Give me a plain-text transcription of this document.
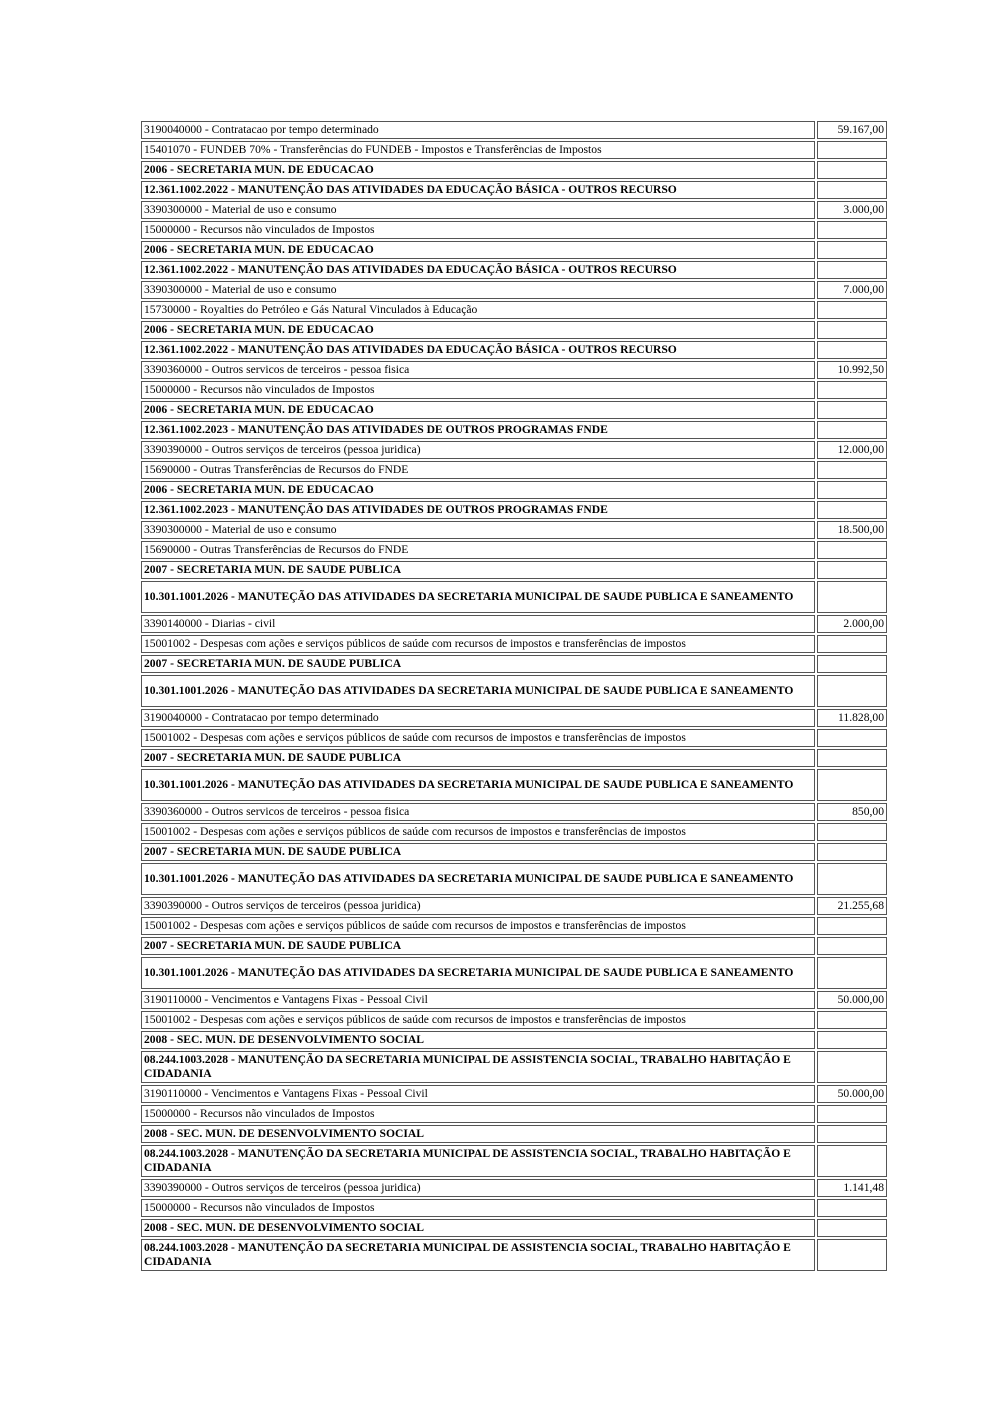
3190040000 - Contratacao por tempo determinado		59.167,00
15401070 - FUNDEB 70% - Transferências do FUNDEB - Impostos e Transferências de Impostos		
2006 - SECRETARIA MUN. DE EDUCACAO		
12.361.1002.2022 - MANUTENÇÃO DAS ATIVIDADES DA EDUCAÇÃO BÁSICA - OUTROS RECURSO		
3390300000 - Material de uso e consumo		3.000,00
15000000 - Recursos não vinculados de Impostos		
2006 - SECRETARIA MUN. DE EDUCACAO		
12.361.1002.2022 - MANUTENÇÃO DAS ATIVIDADES DA EDUCAÇÃO BÁSICA - OUTROS RECURSO		
3390300000 - Material de uso e consumo		7.000,00
15730000 - Royalties do Petróleo e Gás Natural Vinculados à Educação		
2006 - SECRETARIA MUN. DE EDUCACAO		
12.361.1002.2022 - MANUTENÇÃO DAS ATIVIDADES DA EDUCAÇÃO BÁSICA - OUTROS RECURSO		
3390360000 - Outros servicos de terceiros - pessoa fisica		10.992,50
15000000 - Recursos não vinculados de Impostos		
2006 - SECRETARIA MUN. DE EDUCACAO		
12.361.1002.2023 - MANUTENÇÃO DAS ATIVIDADES DE OUTROS PROGRAMAS FNDE		
3390390000 - Outros serviços de terceiros (pessoa juridica)		12.000,00
15690000 - Outras Transferências de Recursos do FNDE		
2006 - SECRETARIA MUN. DE EDUCACAO		
12.361.1002.2023 - MANUTENÇÃO DAS ATIVIDADES DE OUTROS PROGRAMAS FNDE		
3390300000 - Material de uso e consumo		18.500,00
15690000 - Outras Transferências de Recursos do FNDE		
2007 - SECRETARIA MUN. DE SAUDE PUBLICA		
10.301.1001.2026 - MANUTEÇÃO DAS ATIVIDADES DA SECRETARIA MUNICIPAL DE SAUDE PUBLICA E SANEAMENTO		
3390140000 - Diarias - civil		2.000,00
15001002 - Despesas com ações e serviços públicos de saúde com recursos de impostos e transferências de impostos		
2007 - SECRETARIA MUN. DE SAUDE PUBLICA		
10.301.1001.2026 - MANUTEÇÃO DAS ATIVIDADES DA SECRETARIA MUNICIPAL DE SAUDE PUBLICA E SANEAMENTO		
3190040000 - Contratacao por tempo determinado		11.828,00
15001002 - Despesas com ações e serviços públicos de saúde com recursos de impostos e transferências de impostos		
2007 - SECRETARIA MUN. DE SAUDE PUBLICA		
10.301.1001.2026 - MANUTEÇÃO DAS ATIVIDADES DA SECRETARIA MUNICIPAL DE SAUDE PUBLICA E SANEAMENTO		
3390360000 - Outros servicos de terceiros - pessoa fisica		850,00
15001002 - Despesas com ações e serviços públicos de saúde com recursos de impostos e transferências de impostos		
2007 - SECRETARIA MUN. DE SAUDE PUBLICA		
10.301.1001.2026 - MANUTEÇÃO DAS ATIVIDADES DA SECRETARIA MUNICIPAL DE SAUDE PUBLICA E SANEAMENTO		
3390390000 - Outros serviços de terceiros (pessoa juridica)		21.255,68
15001002 - Despesas com ações e serviços públicos de saúde com recursos de impostos e transferências de impostos		
2007 - SECRETARIA MUN. DE SAUDE PUBLICA		
10.301.1001.2026 - MANUTEÇÃO DAS ATIVIDADES DA SECRETARIA MUNICIPAL DE SAUDE PUBLICA E SANEAMENTO		
3190110000 - Vencimentos e Vantagens Fixas - Pessoal Civil		50.000,00
15001002 - Despesas com ações e serviços públicos de saúde com recursos de impostos e transferências de impostos		
2008 - SEC. MUN. DE DESENVOLVIMENTO SOCIAL		
08.244.1003.2028 - MANUTENÇÃO DA SECRETARIA MUNICIPAL DE ASSISTENCIA SOCIAL, TRABALHO HABITAÇÃO E CIDADANIA		
3190110000 - Vencimentos e Vantagens Fixas - Pessoal Civil		50.000,00
15000000 - Recursos não vinculados de Impostos		
2008 - SEC. MUN. DE DESENVOLVIMENTO SOCIAL		
08.244.1003.2028 - MANUTENÇÃO DA SECRETARIA MUNICIPAL DE ASSISTENCIA SOCIAL, TRABALHO HABITAÇÃO E CIDADANIA		
3390390000 - Outros serviços de terceiros (pessoa juridica)		1.141,48
15000000 - Recursos não vinculados de Impostos		
2008 - SEC. MUN. DE DESENVOLVIMENTO SOCIAL		
08.244.1003.2028 - MANUTENÇÃO DA SECRETARIA MUNICIPAL DE ASSISTENCIA SOCIAL, TRABALHO HABITAÇÃO E CIDADANIA		
